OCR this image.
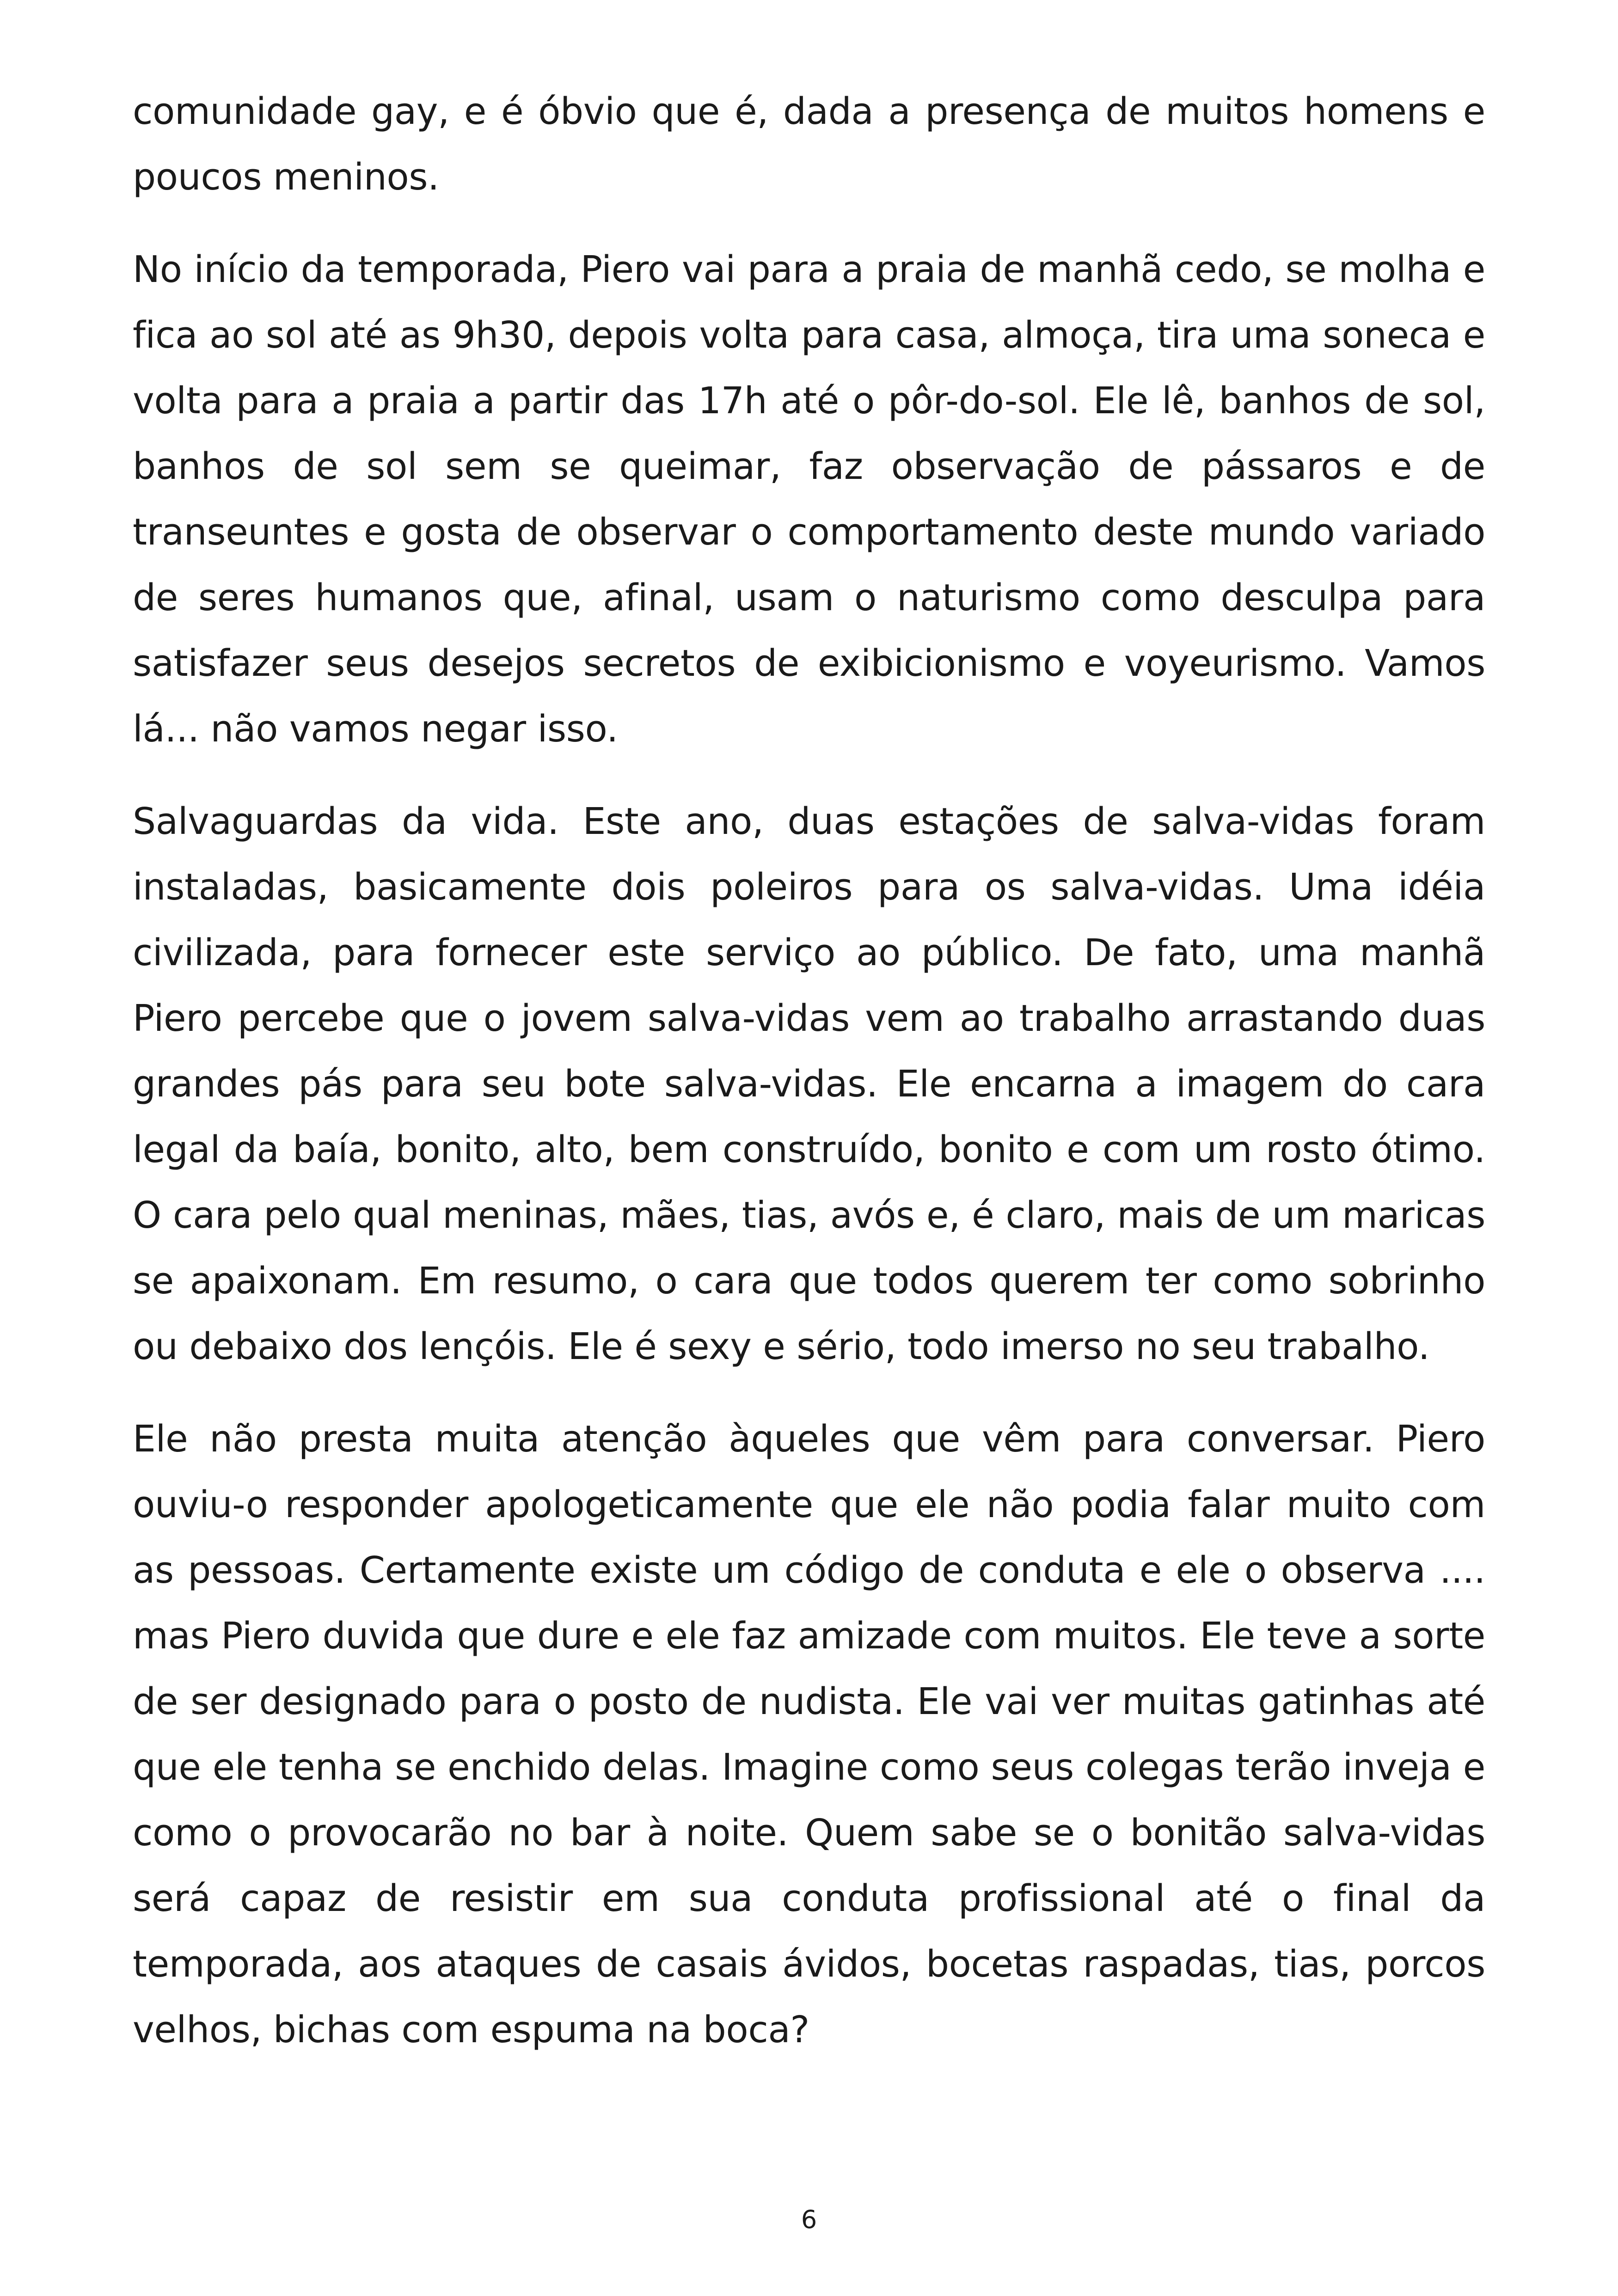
comunidade gay, e é óbvio que é, dada a presença de muitos homens e poucos meninos.

No início da temporada, Piero vai para a praia de manhã cedo, se molha e fica ao sol até as 9h30, depois volta para casa, almoça, tira uma soneca e volta para a praia a partir das 17h até o pôr-do-sol. Ele lê, banhos de sol, banhos de sol sem se queimar, faz observação de pássaros e de transeuntes e gosta de observar o comportamento deste mundo variado de seres humanos que, afinal, usam o naturismo como desculpa para satisfazer seus desejos secretos de exibicionismo e voyeurismo. Vamos lá... não vamos negar isso.

Salvaguardas da vida. Este ano, duas estações de salva-vidas foram instaladas, basicamente dois poleiros para os salva-vidas. Uma idéia civilizada, para fornecer este serviço ao público. De fato, uma manhã Piero percebe que o jovem salva-vidas vem ao trabalho arrastando duas grandes pás para seu bote salva-vidas. Ele encarna a imagem do cara legal da baía, bonito, alto, bem construído, bonito e com um rosto ótimo. O cara pelo qual meninas, mães, tias, avós e, é claro, mais de um maricas se apaixonam. Em resumo, o cara que todos querem ter como sobrinho ou debaixo dos lençóis. Ele é sexy e sério, todo imerso no seu trabalho.

Ele não presta muita atenção àqueles que vêm para conversar. Piero ouviu-o responder apologeticamente que ele não podia falar muito com as pessoas. Certamente existe um código de conduta e ele o observa .... mas Piero duvida que dure e ele faz amizade com muitos. Ele teve a sorte de ser designado para o posto de nudista. Ele vai ver muitas gatinhas até que ele tenha se enchido delas. Imagine como seus colegas terão inveja e como o provocarão no bar à noite. Quem sabe se o bonitão salva-vidas será capaz de resistir em sua conduta profissional até o final da temporada, aos ataques de casais ávidos, bocetas raspadas, tias, porcos velhos, bichas com espuma na boca?

6
